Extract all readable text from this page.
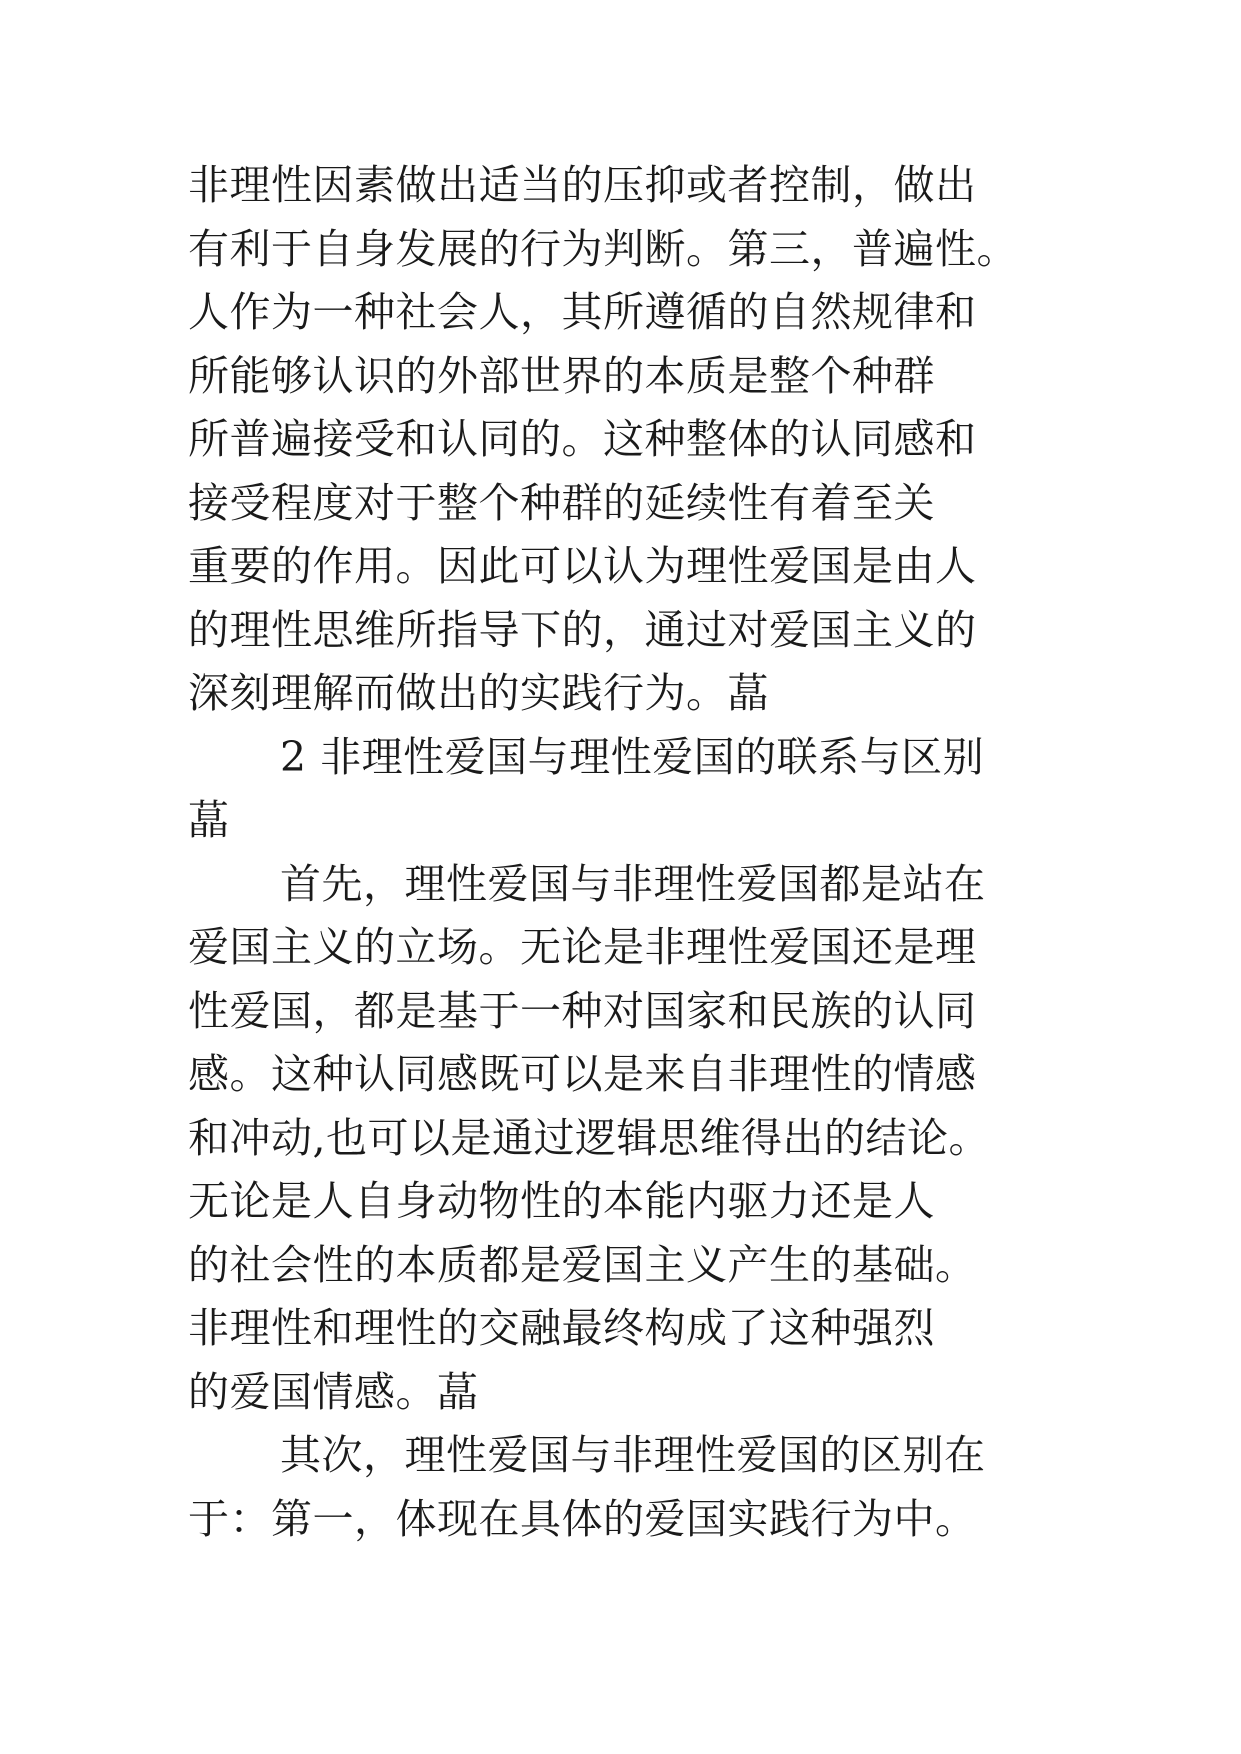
非理性因素做出适当的压抑或者控制，做出
有利于自身发展的行为判断。第三，普遍性。
人作为一种社会人，其所遵循的自然规律和
所能够认识的外部世界的本质是整个种群
所普遍接受和认同的。这种整体的认同感和
接受程度对于整个种群的延续性有着至关
重要的作用。因此可以认为理性爱国是由人
的理性思维所指导下的，通过对爱国主义的
深刻理解而做出的实践行为。蕌
2 非理性爱国与理性爱国的联系与区别
蕌
首先，理性爱国与非理性爱国都是站在
爱国主义的立场。无论是非理性爱国还是理
性爱国，都是基于一种对国家和民族的认同
感。这种认同感既可以是来自非理性的情感
和冲动,也可以是通过逻辑思维得出的结论。
无论是人自身动物性的本能内驱力还是人
的社会性的本质都是爱国主义产生的基础。
非理性和理性的交融最终构成了这种强烈
的爱国情感。蕌
其次，理性爱国与非理性爱国的区别在
于：第一，体现在具体的爱国实践行为中。
